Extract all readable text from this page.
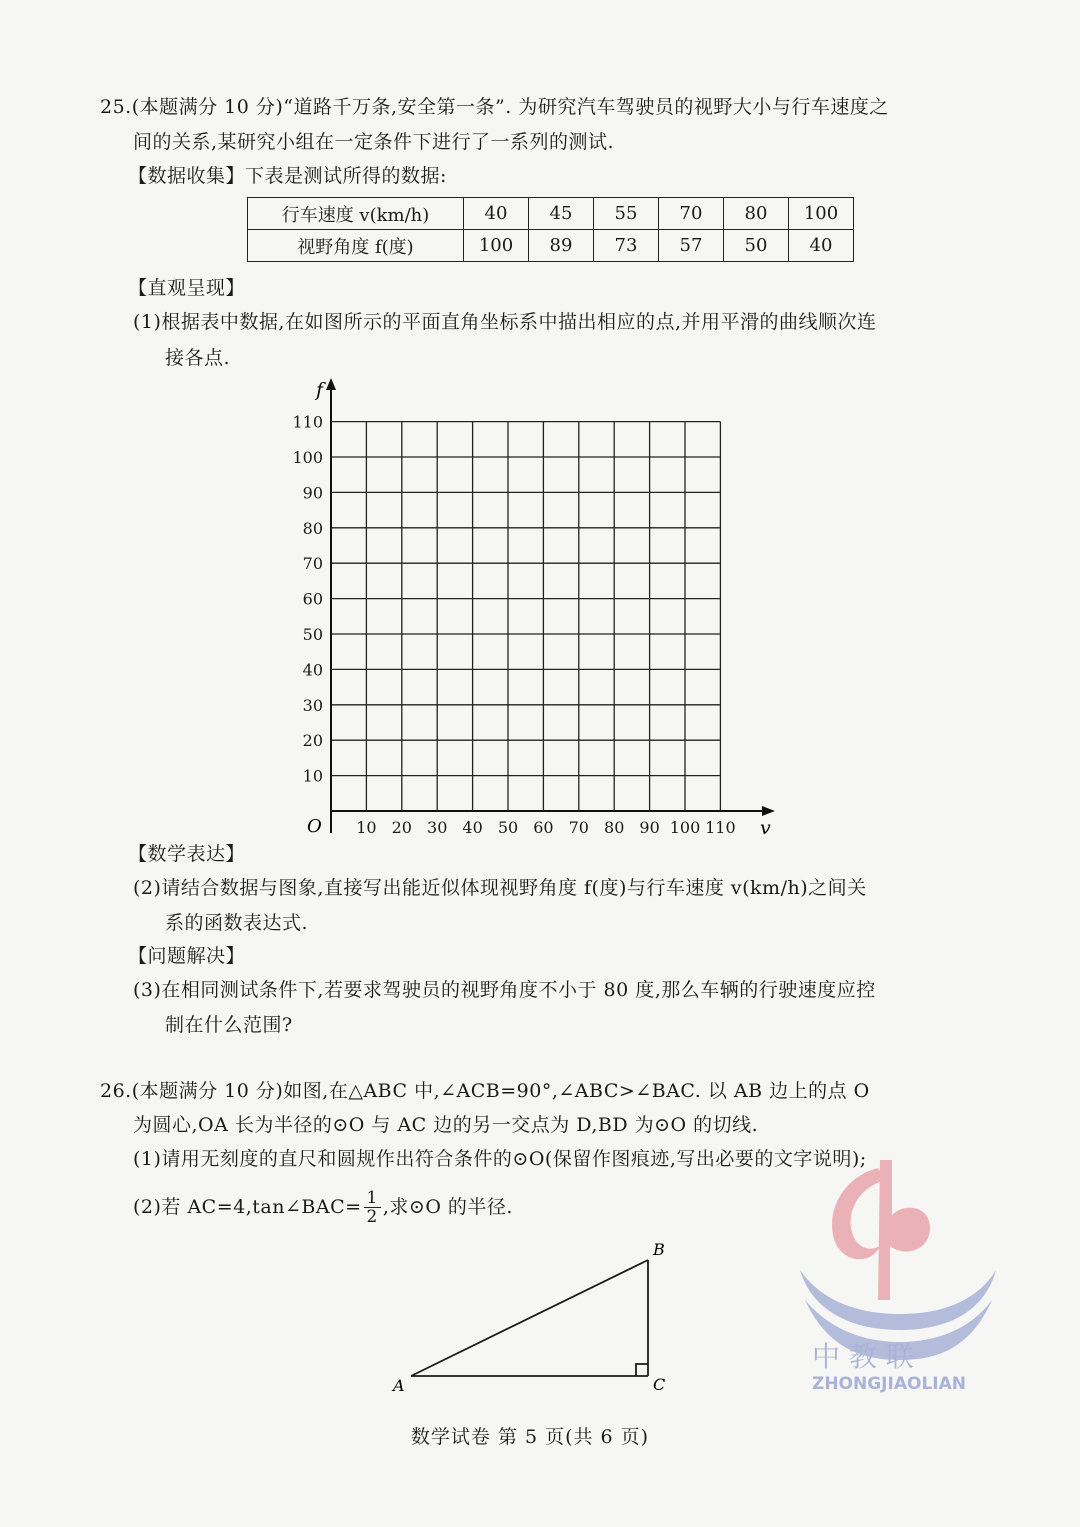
25.(本题满分 10 分)“道路千万条,安全第一条”. 为研究汽车驾驶员的视野大小与行车速度之
间的关系,某研究小组在一定条件下进行了一系列的测试.
【数据收集】下表是测试所得的数据:
行车速度 v(km/h)	40	45	55	70	80	100
视野角度 f(度)	100	89	73	57	50	40
【直观呈现】
(1)根据表中数据,在如图所示的平面直角坐标系中描出相应的点,并用平滑的曲线顺次连
接各点.
110
100
90
80
70
60
50
40
30
20
10
10 20 30 40 50 60 70 80 90 100 110
f
v
O
A
B
C
中 教 联
ZHONGJIAOLIAN
【数学表达】
(2)请结合数据与图象,直接写出能近似体现视野角度 f(度)与行车速度 v(km/h)之间关
系的函数表达式.
【问题解决】
(3)在相同测试条件下,若要求驾驶员的视野角度不小于 80 度,那么车辆的行驶速度应控
制在什么范围?
26.(本题满分 10 分)如图,在△ABC 中,∠ACB=90°,∠ABC>∠BAC. 以 AB 边上的点 O
为圆心,OA 长为半径的⊙O 与 AC 边的另一交点为 D,BD 为⊙O 的切线.
(1)请用无刻度的直尺和圆规作出符合条件的⊙O(保留作图痕迹,写出必要的文字说明);
(2)若 AC=4,tan∠BAC= $\frac{1}{2}$ ,求⊙O 的半径.
数学试卷 第 5 页(共 6 页)
